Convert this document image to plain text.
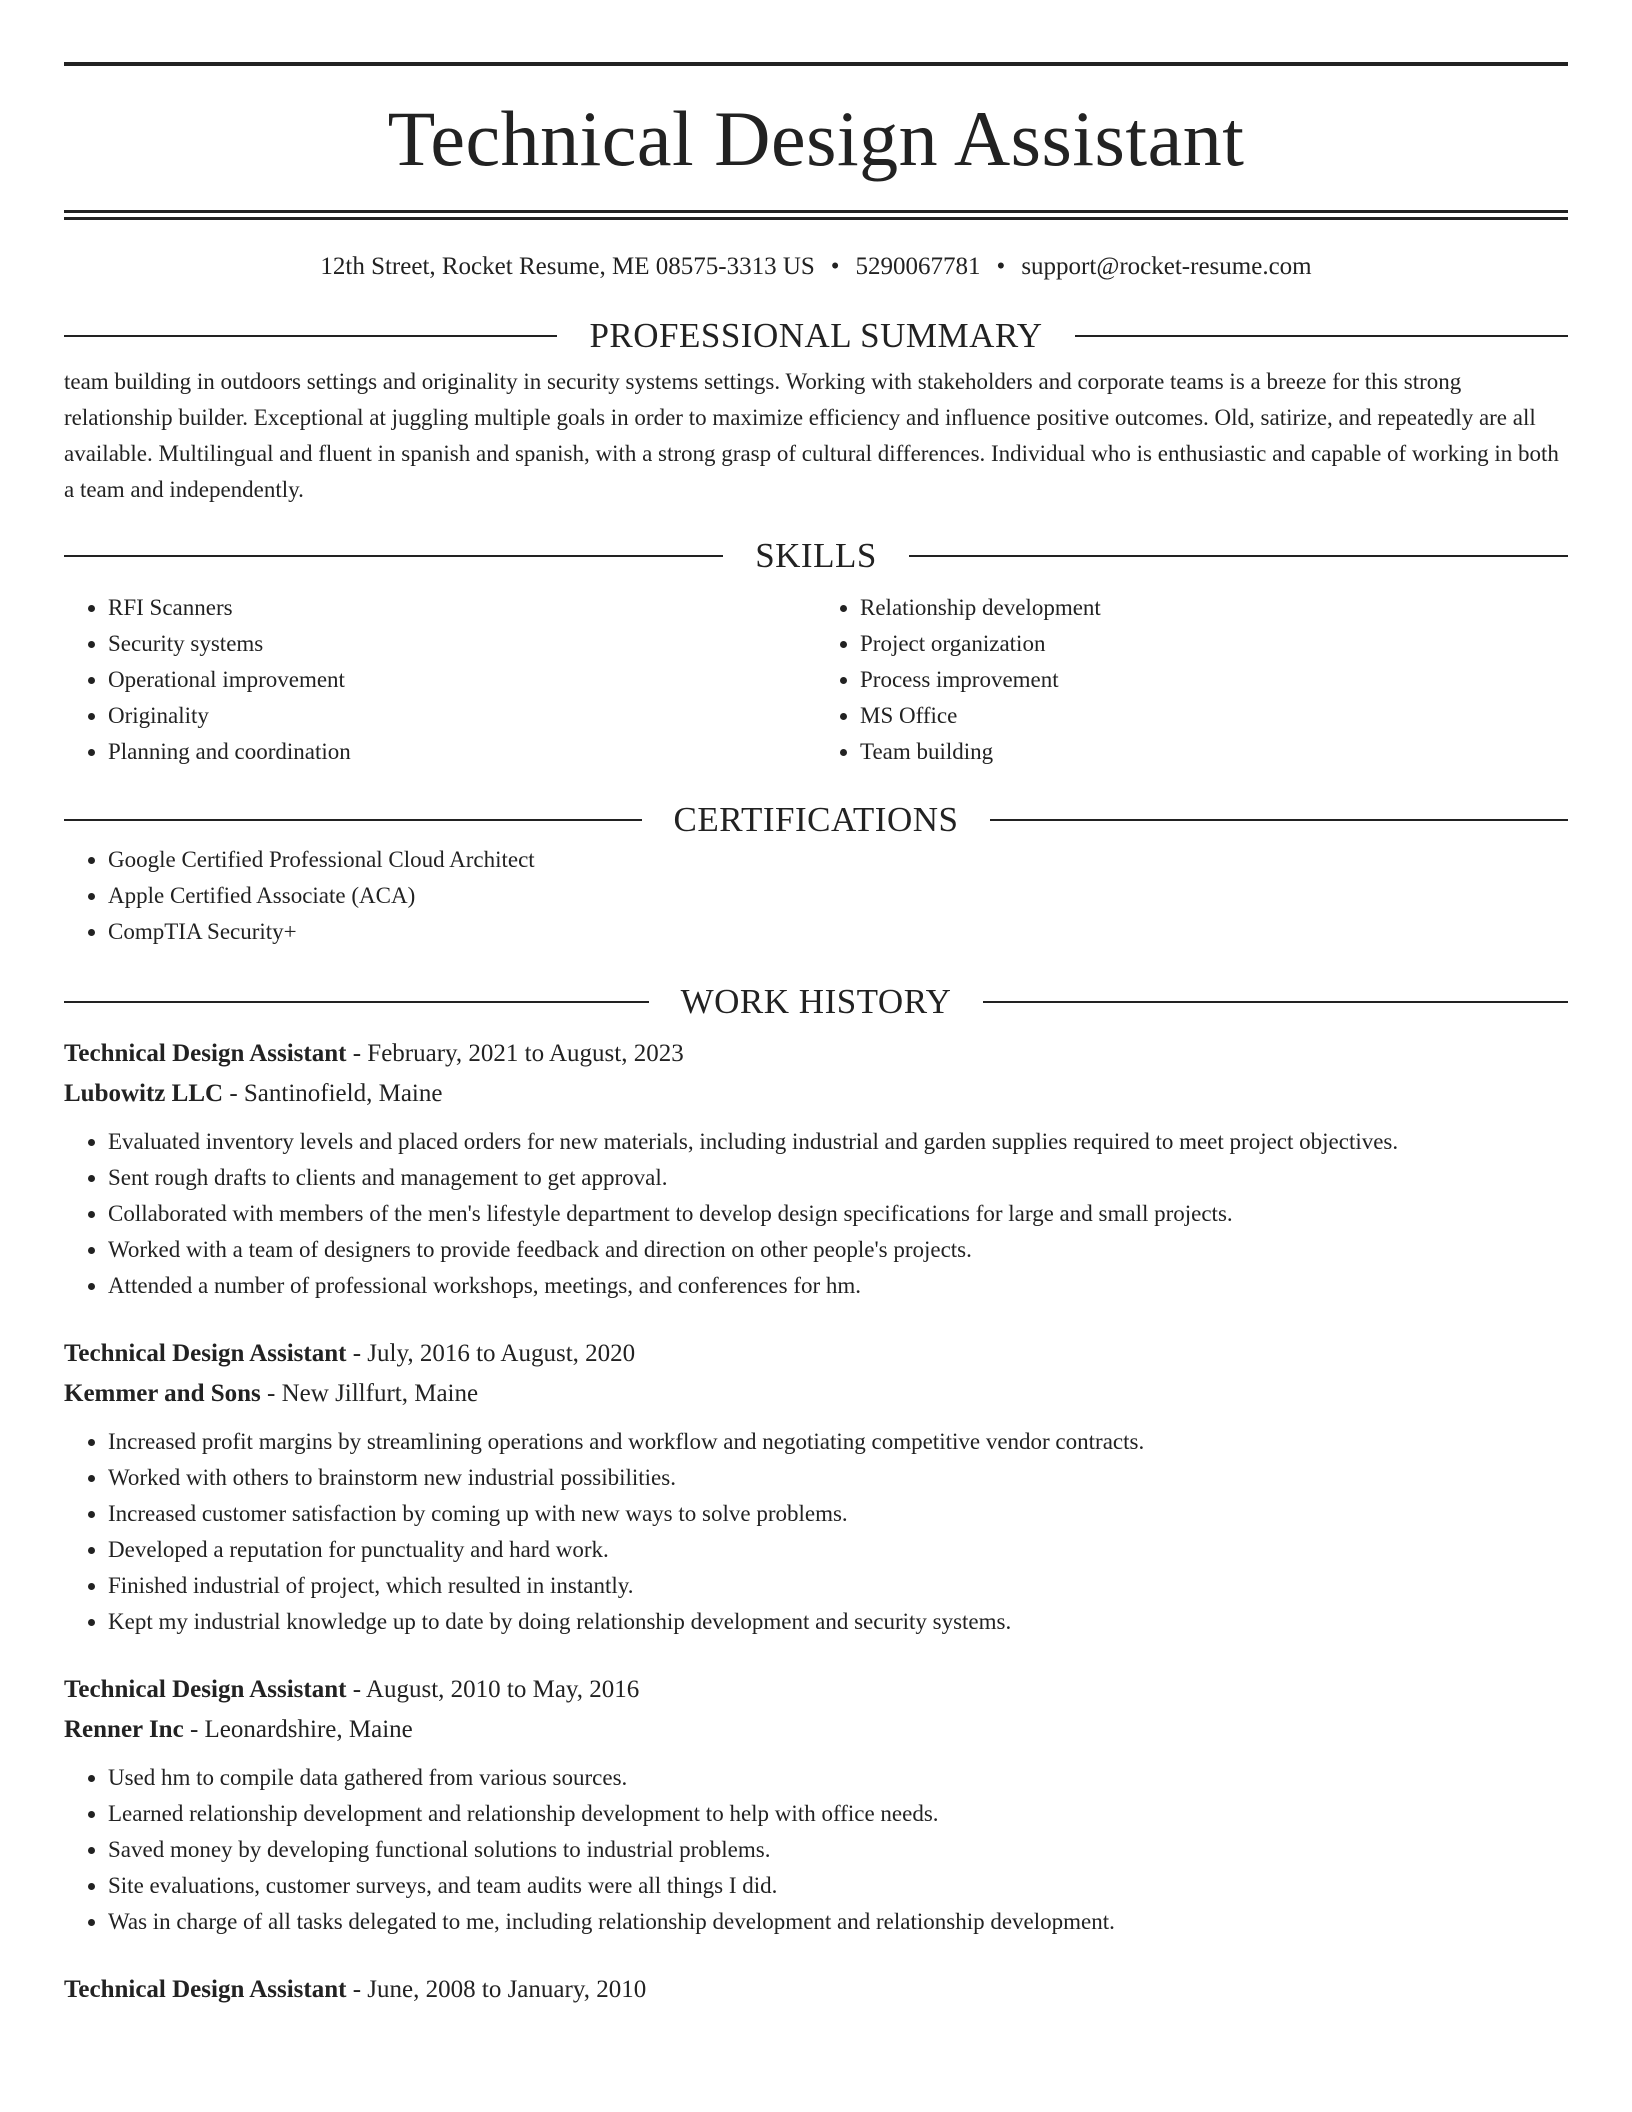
Technical Design Assistant
12th Street, Rocket Resume, ME 08575-3313 US • 5290067781 • support@rocket-resume.com
PROFESSIONAL SUMMARY

team building in outdoors settings and originality in security systems settings. Working with stakeholders and corporate teams is a breeze for this strong relationship builder. Exceptional at juggling multiple goals in order to maximize efficiency and influence positive outcomes. Old, satirize, and repeatedly are all available. Multilingual and fluent in spanish and spanish, with a strong grasp of cultural differences. Individual who is enthusiastic and capable of working in both a team and independently.

SKILLS
• RFI Scanners
• Security systems
• Operational improvement
• Originality
• Planning and coordination
• Relationship development
• Project organization
• Process improvement
• MS Office
• Team building
CERTIFICATIONS
• Google Certified Professional Cloud Architect
• Apple Certified Associate (ACA)
• CompTIA Security+
WORK HISTORY
Technical Design Assistant - February, 2021 to August, 2023
Lubowitz LLC - Santinofield, Maine
• Evaluated inventory levels and placed orders for new materials, including industrial and garden supplies required to meet project objectives.
• Sent rough drafts to clients and management to get approval.
• Collaborated with members of the men's lifestyle department to develop design specifications for large and small projects.
• Worked with a team of designers to provide feedback and direction on other people's projects.
• Attended a number of professional workshops, meetings, and conferences for hm.
Technical Design Assistant - July, 2016 to August, 2020
Kemmer and Sons - New Jillfurt, Maine
• Increased profit margins by streamlining operations and workflow and negotiating competitive vendor contracts.
• Worked with others to brainstorm new industrial possibilities.
• Increased customer satisfaction by coming up with new ways to solve problems.
• Developed a reputation for punctuality and hard work.
• Finished industrial of project, which resulted in instantly.
• Kept my industrial knowledge up to date by doing relationship development and security systems.
Technical Design Assistant - August, 2010 to May, 2016
Renner Inc - Leonardshire, Maine
• Used hm to compile data gathered from various sources.
• Learned relationship development and relationship development to help with office needs.
• Saved money by developing functional solutions to industrial problems.
• Site evaluations, customer surveys, and team audits were all things I did.
• Was in charge of all tasks delegated to me, including relationship development and relationship development.
Technical Design Assistant - June, 2008 to January, 2010
